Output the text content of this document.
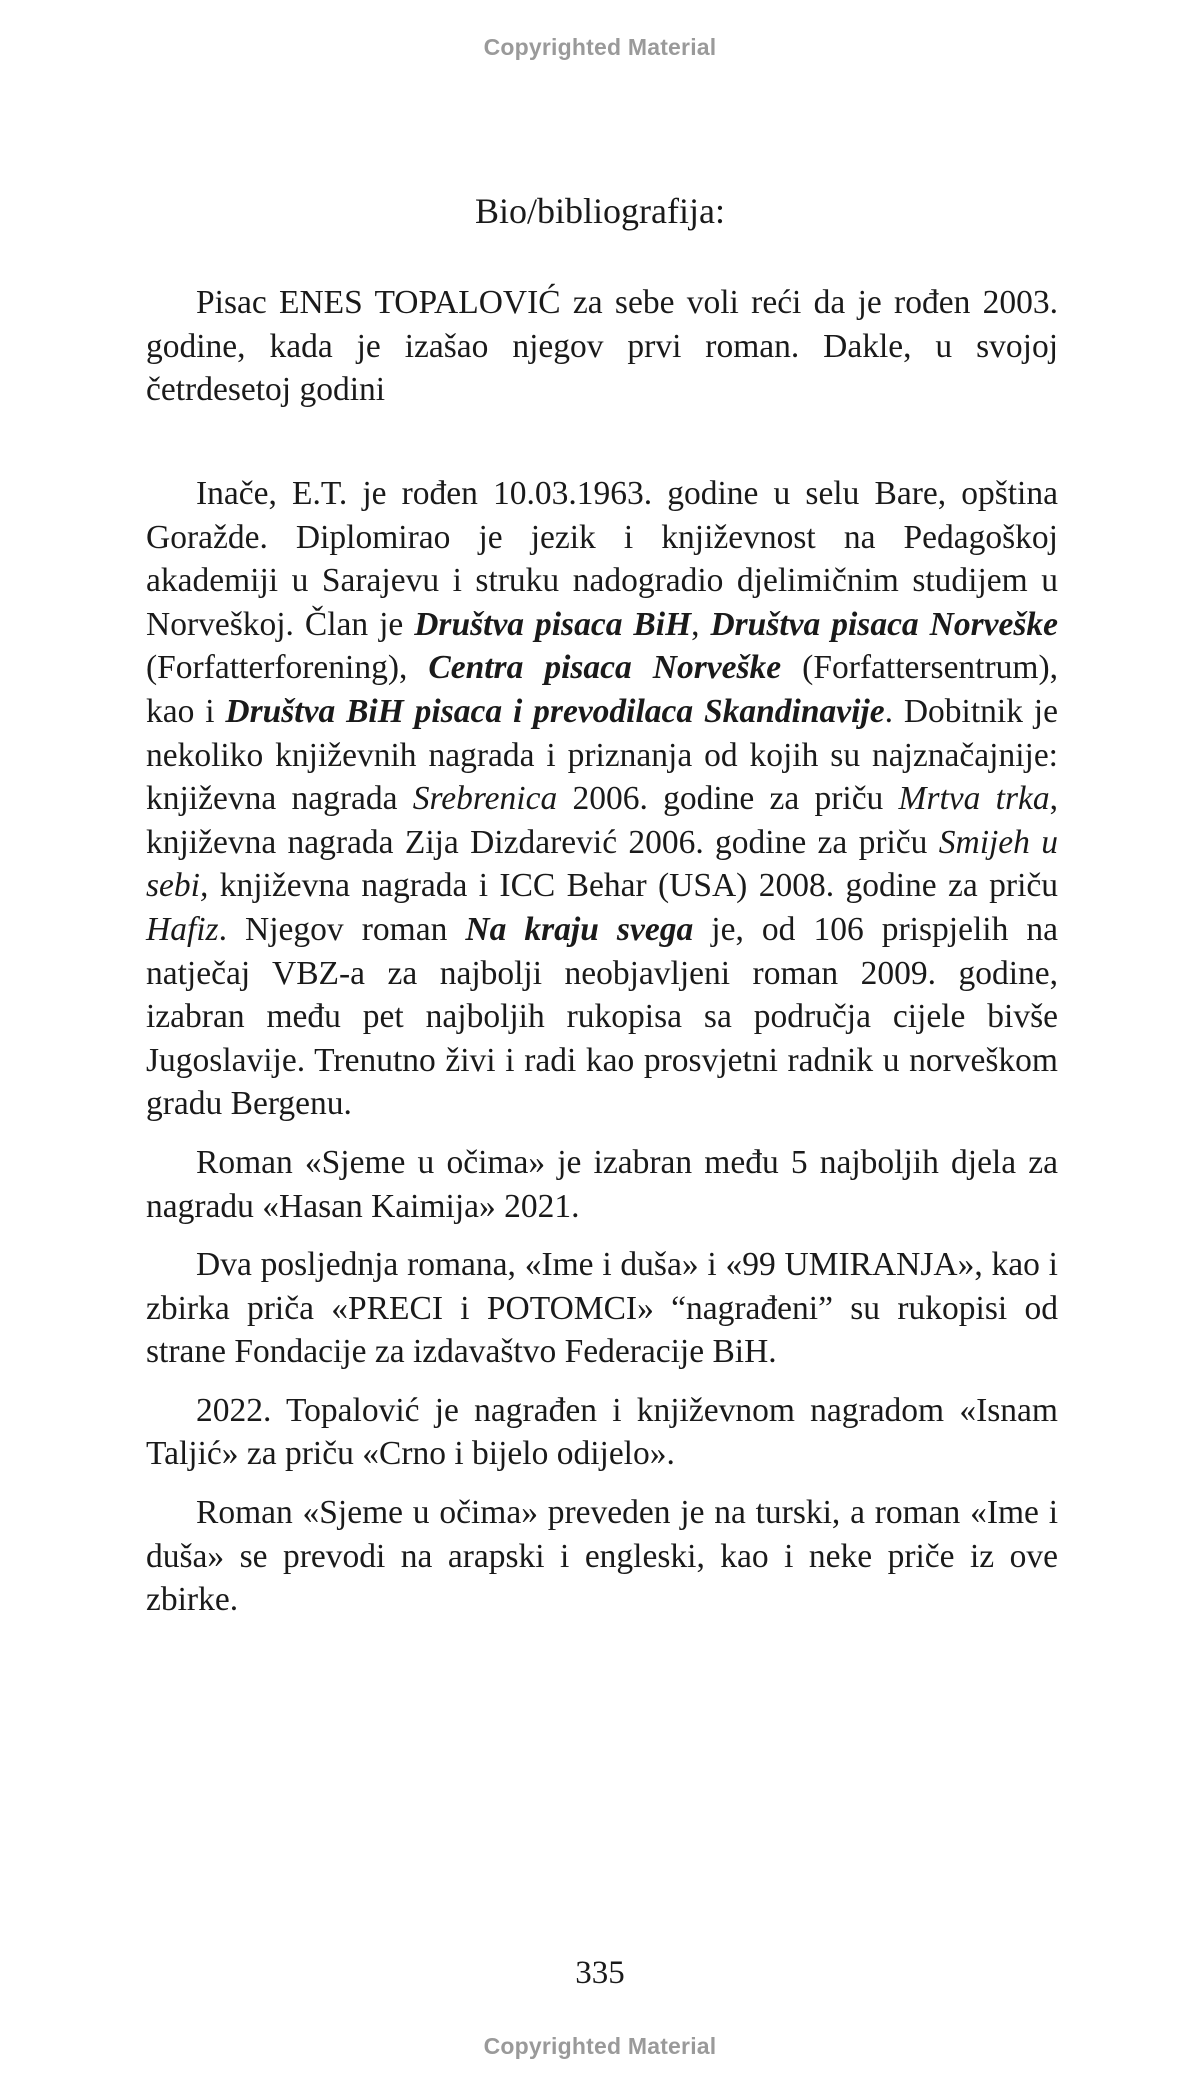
Copyrighted Material
Bio/bibliografija:

Pisac ENES TOPALOVIĆ za sebe voli reći da je rođen 2003. godine, kada je izašao njegov prvi roman. Dakle, u svojoj četrdesetoj godini

Inače, E.T. je rođen 10.03.1963. godine u selu Bare, opština Goražde. Diplomirao je jezik i književnost na Pedagoškoj akademiji u Sarajevu i struku nadogradio djelimičnim studijem u Norveškoj. Član je Društva pisaca BiH, Društva pisaca Norveške (Forfatterforening), Centra pisaca Norveške (Forfattersentrum), kao i Društva BiH pisaca i prevodilaca Skandinavije. Dobitnik je nekoliko književnih nagrada i priznanja od kojih su najznačajnije: književna nagrada Srebrenica 2006. godine za priču Mrtva trka, književna nagrada Zija Dizdarević 2006. godine za priču Smijeh u sebi, književna nagrada i ICC Behar (USA) 2008. godine za priču Hafiz. Njegov roman Na kraju svega je, od 106 prispjelih na natječaj VBZ-a za najbolji neobjavljeni roman 2009. godine, izabran među pet najboljih rukopisa sa područja cijele bivše Jugoslavije. Trenutno živi i radi kao prosvjetni radnik u norveškom gradu Bergenu.

Roman «Sjeme u očima» je izabran među 5 najboljih djela za nagradu «Hasan Kaimija» 2021.

Dva posljednja romana, «Ime i duša» i «99 UMIRANJA», kao i zbirka priča «PRECI i POTOMCI» “nagrađeni” su rukopisi od strane Fondacije za izdavaštvo Federacije BiH.

2022. Topalović je nagrađen i književnom nagradom «Isnam Taljić» za priču «Crno i bijelo odijelo».

Roman «Sjeme u očima» preveden je na turski, a roman «Ime i duša» se prevodi na arapski i engleski, kao i neke priče iz ove zbirke.

335
Copyrighted Material
